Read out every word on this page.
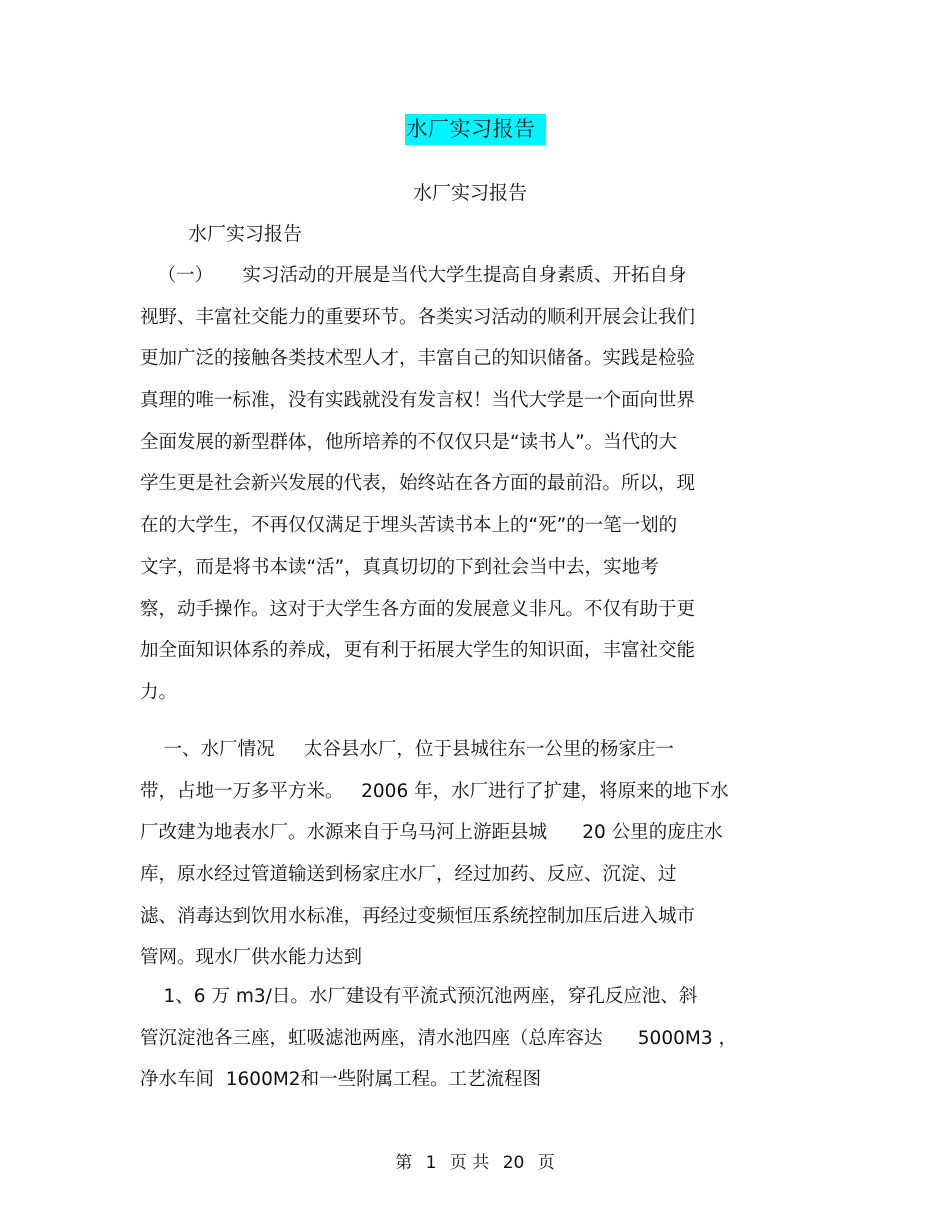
水厂实习报告
水厂实习报告
水厂实习报告
（一）     实习活动的开展是当代大学生提高自身素质、开拓自身
视野、丰富社交能力的重要环节。各类实习活动的顺利开展会让我们
更加广泛的接触各类技术型人才，丰富自己的知识储备。实践是检验
真理的唯一标准，没有实践就没有发言权！当代大学是一个面向世界
全面发展的新型群体，他所培养的不仅仅只是“读书人”。当代的大
学生更是社会新兴发展的代表，始终站在各方面的最前沿。所以，现
在的大学生，不再仅仅满足于埋头苦读书本上的“死”的一笔一划的
文字，而是将书本读“活”，真真切切的下到社会当中去，实地考
察，动手操作。这对于大学生各方面的发展意义非凡。不仅有助于更
加全面知识体系的养成，更有利于拓展大学生的知识面，丰富社交能
力。
一、水厂情况     太谷县水厂，位于县城往东一公里的杨家庄一
带，占地一万多平方米。   2006 年，水厂进行了扩建，将原来的地下水
厂改建为地表水厂。水源来自于乌马河上游距县城      20 公里的庞庄水
库，原水经过管道输送到杨家庄水厂，经过加药、反应、沉淀、过
滤、消毒达到饮用水标准，再经过变频恒压系统控制加压后进入城市
管网。现水厂供水能力达到
1、6 万 m3/日。水厂建设有平流式预沉池两座，穿孔反应池、斜
管沉淀池各三座，虹吸滤池两座，清水池四座（总库容达      5000M3 ，
净水车间  1600M2和一些附属工程。工艺流程图
第 1 页 共 20 页
